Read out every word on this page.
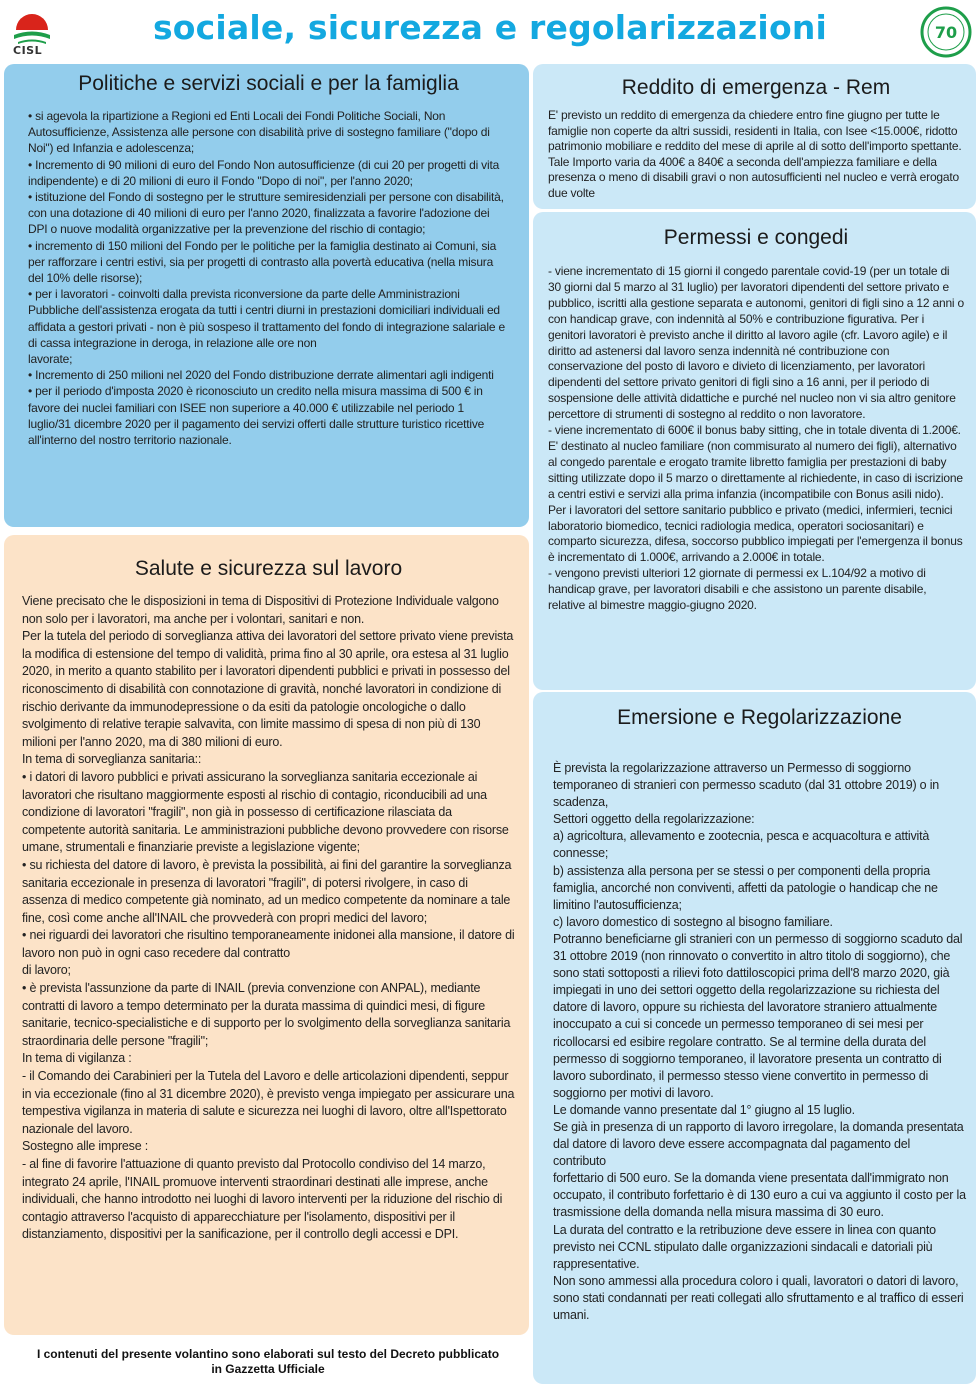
CISL
sociale, sicurezza e regolarizzazioni	70
Politiche e servizi sociali e per la famiglia

• si agevola la ripartizione a Regioni ed Enti Locali dei Fondi Politiche Sociali, Non Autosufficienze, Assistenza alle persone con disabilità prive di sostegno familiare ("dopo di Noi") ed Infanzia e adolescenza;
• Incremento di 90 milioni di euro del Fondo Non autosufficienze (di cui 20 per progetti di vita indipendente) e di 20 milioni di euro il Fondo "Dopo di noi", per l'anno 2020;
• istituzione del Fondo di sostegno per le strutture semiresidenziali per persone con disabilità, con una dotazione di 40 milioni di euro per l'anno 2020, finalizzata a favorire l'adozione dei DPI o nuove modalità organizzative per la prevenzione del rischio di contagio;
• incremento di 150 milioni del Fondo per le politiche per la famiglia destinato ai Comuni, sia per rafforzare i centri estivi, sia per progetti di contrasto alla povertà educativa (nella misura del 10% delle risorse);
• per i lavoratori - coinvolti dalla prevista riconversione da parte delle Amministrazioni Pubbliche dell'assistenza erogata da tutti i centri diurni in prestazioni domiciliari individuali ed affidata a gestori privati - non è più sospeso il trattamento del fondo di integrazione salariale e di cassa integrazione in deroga, in relazione alle ore non
lavorate;
• Incremento di 250 milioni nel 2020 del Fondo distribuzione derrate alimentari agli indigenti
• per il periodo d'imposta 2020 è riconosciuto un credito nella misura massima di 500 € in favore dei nuclei familiari con ISEE non superiore a 40.000 € utilizzabile nel periodo 1 luglio/31 dicembre 2020 per il pagamento dei servizi offerti dalle strutture turistico ricettive all'interno del nostro territorio nazionale.

Reddito di emergenza - Rem

E' previsto un reddito di emergenza da chiedere entro fine giugno per tutte le famiglie non coperte da altri sussidi, residenti in Italia, con Isee <15.000€, ridotto patrimonio mobiliare e reddito del mese di aprile al di sotto dell'importo spettante. Tale Importo varia da 400€ a 840€ a seconda dell'ampiezza familiare e della presenza o meno di disabili gravi o non autosufficienti nel nucleo e verrà erogato due volte

Permessi e congedi

- viene incrementato di 15 giorni il congedo parentale covid-19 (per un totale di 30 giorni dal 5 marzo al 31 luglio) per lavoratori dipendenti del settore privato e pubblico, iscritti alla gestione separata e autonomi, genitori di figli sino a 12 anni o con handicap grave, con indennità al 50% e contribuzione figurativa. Per i genitori lavoratori è previsto anche il diritto al lavoro agile (cfr. Lavoro agile) e il diritto ad astenersi dal lavoro senza indennità né contribuzione con conservazione del posto di lavoro e divieto di licenziamento, per lavoratori dipendenti del settore privato genitori di figli sino a 16 anni, per il periodo di sospensione delle attività didattiche e purché nel nucleo non vi sia altro genitore percettore di strumenti di sostegno al reddito o non lavoratore.
- viene incrementato di 600€ il bonus baby sitting, che in totale diventa di 1.200€. E' destinato al nucleo familiare (non commisurato al numero dei figli), alternativo al congedo parentale e erogato tramite libretto famiglia per prestazioni di baby sitting utilizzate dopo il 5 marzo o direttamente al richiedente, in caso di iscrizione a centri estivi e servizi alla prima infanzia (incompatibile con Bonus asili nido). Per i lavoratori del settore sanitario pubblico e privato (medici, infermieri, tecnici laboratorio biomedico, tecnici radiologia medica, operatori sociosanitari) e comparto sicurezza, difesa, soccorso pubblico impiegati per l'emergenza il bonus è incrementato di 1.000€, arrivando a 2.000€ in totale.
- vengono previsti ulteriori 12 giornate di permessi ex L.104/92 a motivo di handicap grave, per lavoratori disabili e che assistono un parente disabile, relative al bimestre maggio-giugno 2020.

Salute e sicurezza sul lavoro

Viene precisato che le disposizioni in tema di Dispositivi di Protezione Individuale valgono non solo per i lavoratori, ma anche per i volontari, sanitari e non.
Per la tutela del periodo di sorveglianza attiva dei lavoratori del settore privato viene prevista la modifica di estensione del tempo di validità, prima fino al 30 aprile, ora estesa al 31 luglio 2020, in merito a quanto stabilito per i lavoratori dipendenti pubblici e privati in possesso del riconoscimento di disabilità con connotazione di gravità, nonché lavoratori in condizione di rischio derivante da immunodepressione o da esiti da patologie oncologiche o dallo svolgimento di relative terapie salvavita, con limite massimo di spesa di non più di 130 milioni per l'anno 2020, ma di 380 milioni di euro.
In tema di sorveglianza sanitaria::
• i datori di lavoro pubblici e privati assicurano la sorveglianza sanitaria eccezionale ai lavoratori che risultano maggiormente esposti al rischio di contagio, riconducibili ad una condizione di lavoratori "fragili", non già in possesso di certificazione rilasciata da competente autorità sanitaria. Le amministrazioni pubbliche devono provvedere con risorse umane, strumentali e finanziarie previste a legislazione vigente;
• su richiesta del datore di lavoro, è prevista la possibilità, ai fini del garantire la sorveglianza sanitaria eccezionale in presenza di lavoratori "fragili", di potersi rivolgere, in caso di assenza di medico competente già nominato, ad un medico competente da nominare a tale fine, così come anche all'INAIL che provvederà con propri medici del lavoro;
• nei riguardi dei lavoratori che risultino temporaneamente inidonei alla mansione, il datore di lavoro non può in ogni caso recedere dal contratto
di lavoro;
• è prevista l'assunzione da parte di INAIL (previa convenzione con ANPAL), mediante contratti di lavoro a tempo determinato per la durata massima di quindici mesi, di figure sanitarie, tecnico-specialistiche e di supporto per lo svolgimento della sorveglianza sanitaria straordinaria delle persone "fragili";
In tema di vigilanza :
- il Comando dei Carabinieri per la Tutela del Lavoro e delle articolazioni dipendenti, seppur in via eccezionale (fino al 31 dicembre 2020), è previsto venga impiegato per assicurare una tempestiva vigilanza in materia di salute e sicurezza nei luoghi di lavoro, oltre all'Ispettorato nazionale del lavoro.
Sostegno alle imprese :
- al fine di favorire l'attuazione di quanto previsto dal Protocollo condiviso del 14 marzo, integrato 24 aprile, l'INAIL promuove interventi straordinari destinati alle imprese, anche individuali, che hanno introdotto nei luoghi di lavoro interventi per la riduzione del rischio di contagio attraverso l'acquisto di apparecchiature per l'isolamento, dispositivi per il distanziamento, dispositivi per la sanificazione, per il controllo degli accessi e DPI.

Emersione e Regolarizzazione

È prevista la regolarizzazione attraverso un Permesso di soggiorno temporaneo di stranieri con permesso scaduto (dal 31 ottobre 2019) o in scadenza,
Settori oggetto della regolarizzazione:
a) agricoltura, allevamento e zootecnia, pesca e acquacoltura e attività connesse;
b) assistenza alla persona per se stessi o per componenti della propria famiglia, ancorché non conviventi, affetti da patologie o handicap che ne limitino l'autosufficienza;
c) lavoro domestico di sostegno al bisogno familiare.
Potranno beneficiarne gli stranieri con un permesso di soggiorno scaduto dal 31 ottobre 2019 (non rinnovato o convertito in altro titolo di soggiorno), che sono stati sottoposti a rilievi foto dattiloscopici prima dell'8 marzo 2020, già impiegati in uno dei settori oggetto della regolarizzazione su richiesta del datore di lavoro, oppure su richiesta del lavoratore straniero attualmente inoccupato a cui si concede un permesso temporaneo di sei mesi per ricollocarsi ed esibire regolare contratto. Se al termine della durata del permesso di soggiorno temporaneo, il lavoratore presenta un contratto di lavoro subordinato, il permesso stesso viene convertito in permesso di soggiorno per motivi di lavoro.
Le domande vanno presentate dal 1° giugno al 15 luglio.
Se già in presenza di un rapporto di lavoro irregolare, la domanda presentata dal datore di lavoro deve essere accompagnata dal pagamento del contributo
forfettario di 500 euro. Se la domanda viene presentata dall'immigrato non occupato, il contributo forfettario è di 130 euro a cui va aggiunto il costo per la trasmissione della domanda nella misura massima di 30 euro.
La durata del contratto e la retribuzione deve essere in linea con quanto previsto nei CCNL stipulato dalle organizzazioni sindacali e datoriali più rappresentative.
Non sono ammessi alla procedura coloro i quali, lavoratori o datori di lavoro, sono stati condannati per reati collegati allo sfruttamento e al traffico di esseri umani.

I contenuti del presente volantino sono elaborati sul testo del Decreto pubblicato
in Gazzetta Ufficiale
